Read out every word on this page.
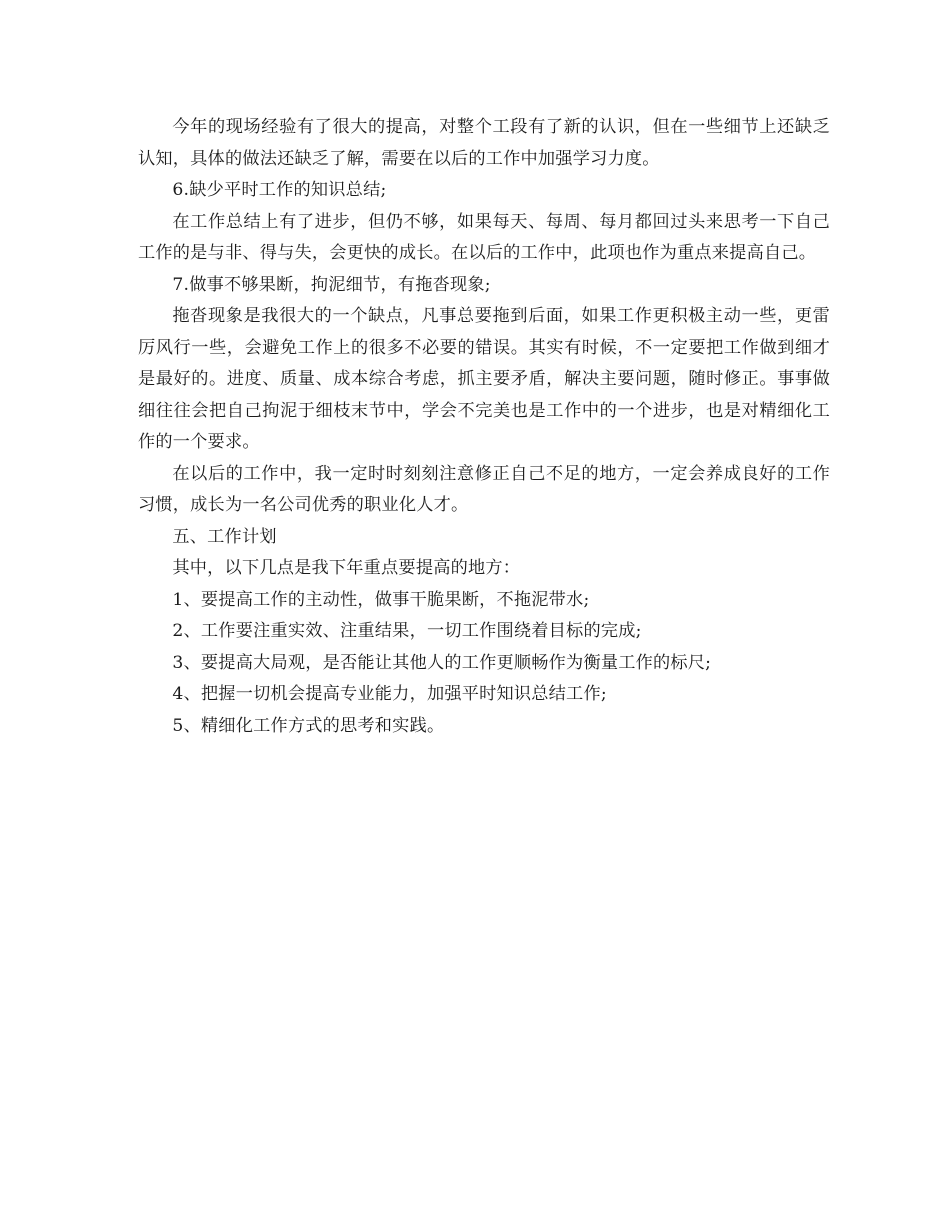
今年的现场经验有了很大的提高，对整个工段有了新的认识，但在一些细节上还缺乏认知，具体的做法还缺乏了解，需要在以后的工作中加强学习力度。

6.缺少平时工作的知识总结;

在工作总结上有了进步，但仍不够，如果每天、每周、每月都回过头来思考一下自己工作的是与非、得与失，会更快的成长。在以后的工作中，此项也作为重点来提高自己。

7.做事不够果断，拘泥细节，有拖沓现象;

拖沓现象是我很大的一个缺点，凡事总要拖到后面，如果工作更积极主动一些，更雷厉风行一些，会避免工作上的很多不必要的错误。其实有时候，不一定要把工作做到细才是最好的。进度、质量、成本综合考虑，抓主要矛盾，解决主要问题，随时修正。事事做细往往会把自己拘泥于细枝末节中，学会不完美也是工作中的一个进步，也是对精细化工作的一个要求。

在以后的工作中，我一定时时刻刻注意修正自己不足的地方，一定会养成良好的工作习惯，成长为一名公司优秀的职业化人才。

五、工作计划

其中，以下几点是我下年重点要提高的地方：

1、要提高工作的主动性，做事干脆果断，不拖泥带水;

2、工作要注重实效、注重结果，一切工作围绕着目标的完成;

3、要提高大局观，是否能让其他人的工作更顺畅作为衡量工作的标尺;

4、把握一切机会提高专业能力，加强平时知识总结工作;

5、精细化工作方式的思考和实践。
